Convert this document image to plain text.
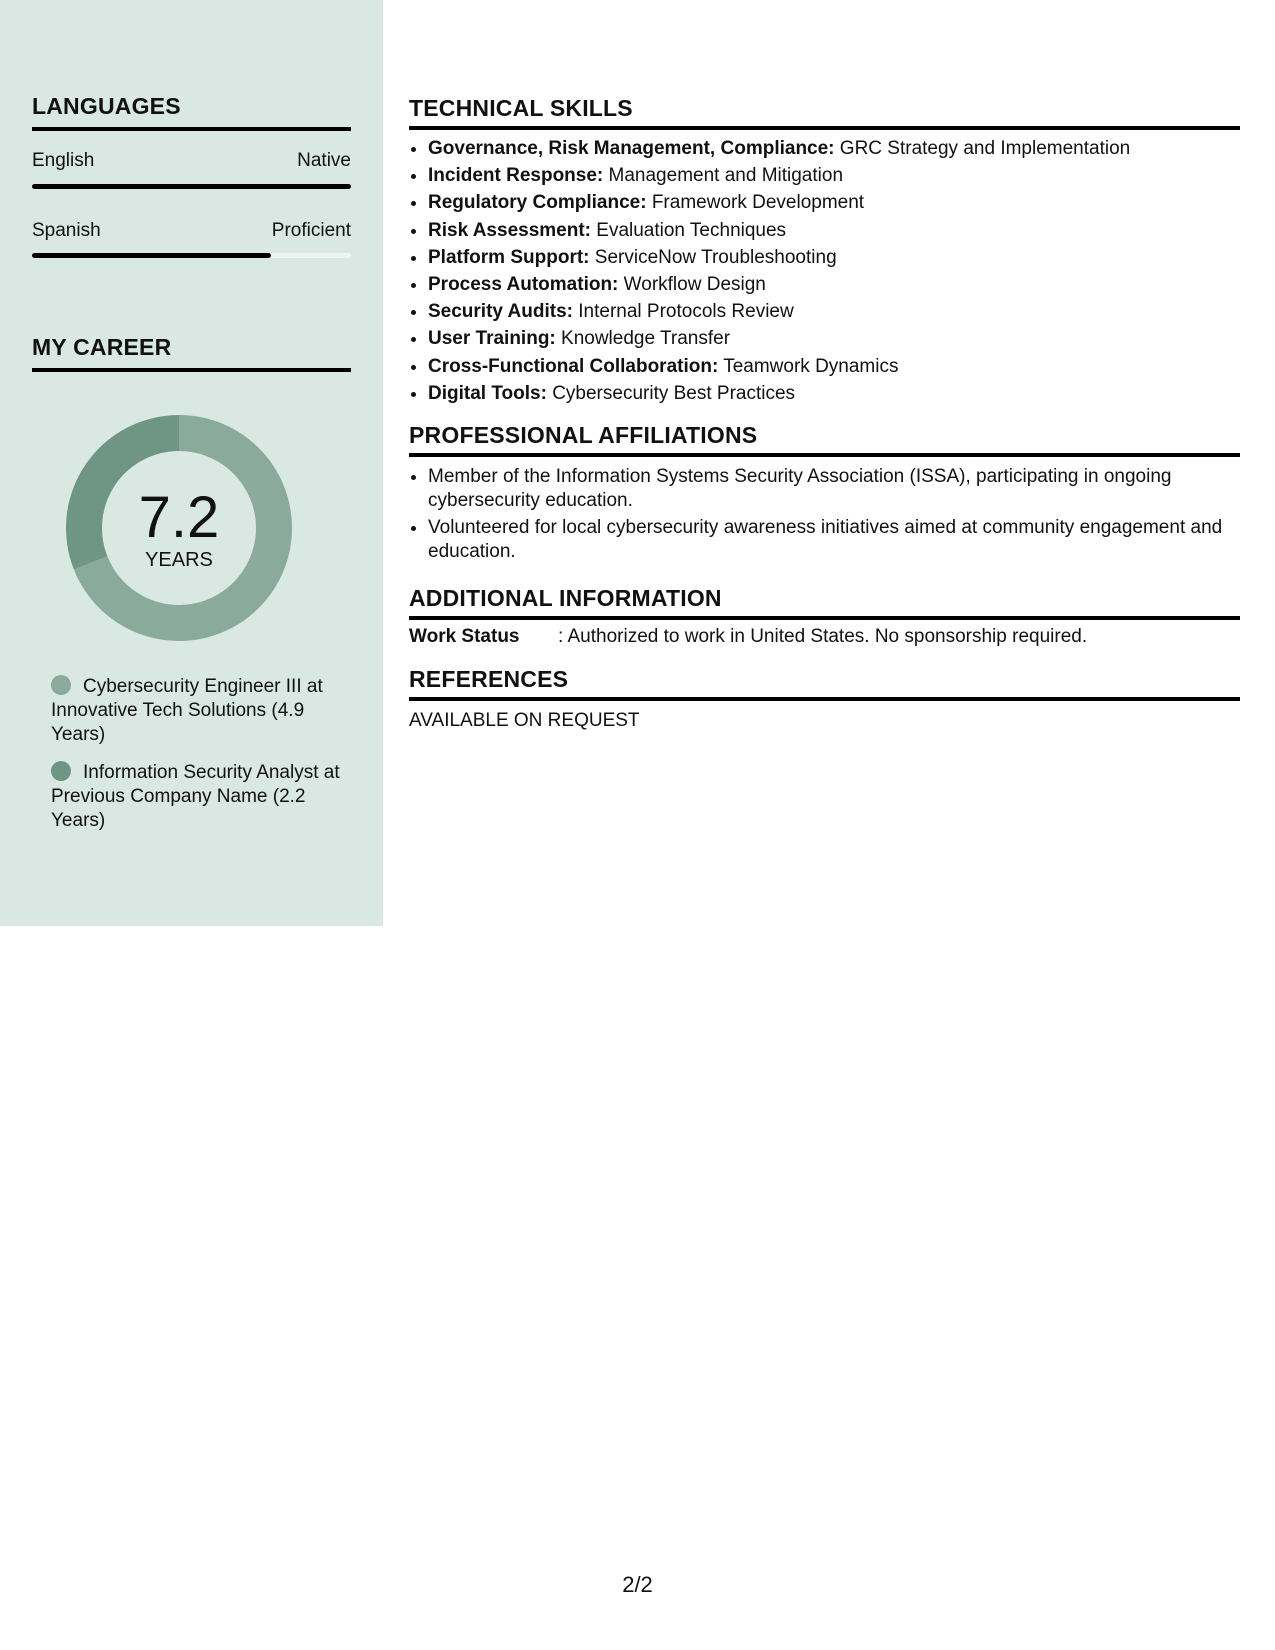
LANGUAGES
English	Native
Spanish	Proficient
MY CAREER
7.2
YEARS
Cybersecurity Engineer III at Innovative Tech Solutions (4.9 Years)
Information Security Analyst at Previous Company Name (2.2 Years)
TECHNICAL SKILLS
• Governance, Risk Management, Compliance: GRC Strategy and Implementation
• Incident Response: Management and Mitigation
• Regulatory Compliance: Framework Development
• Risk Assessment: Evaluation Techniques
• Platform Support: ServiceNow Troubleshooting
• Process Automation: Workflow Design
• Security Audits: Internal Protocols Review
• User Training: Knowledge Transfer
• Cross-Functional Collaboration: Teamwork Dynamics
• Digital Tools: Cybersecurity Best Practices
PROFESSIONAL AFFILIATIONS
• Member of the Information Systems Security Association (ISSA), participating in ongoing cybersecurity education.
• Volunteered for local cybersecurity awareness initiatives aimed at community engagement and education.
ADDITIONAL INFORMATION
Work Status : Authorized to work in United States. No sponsorship required.
REFERENCES
AVAILABLE ON REQUEST
2/2
